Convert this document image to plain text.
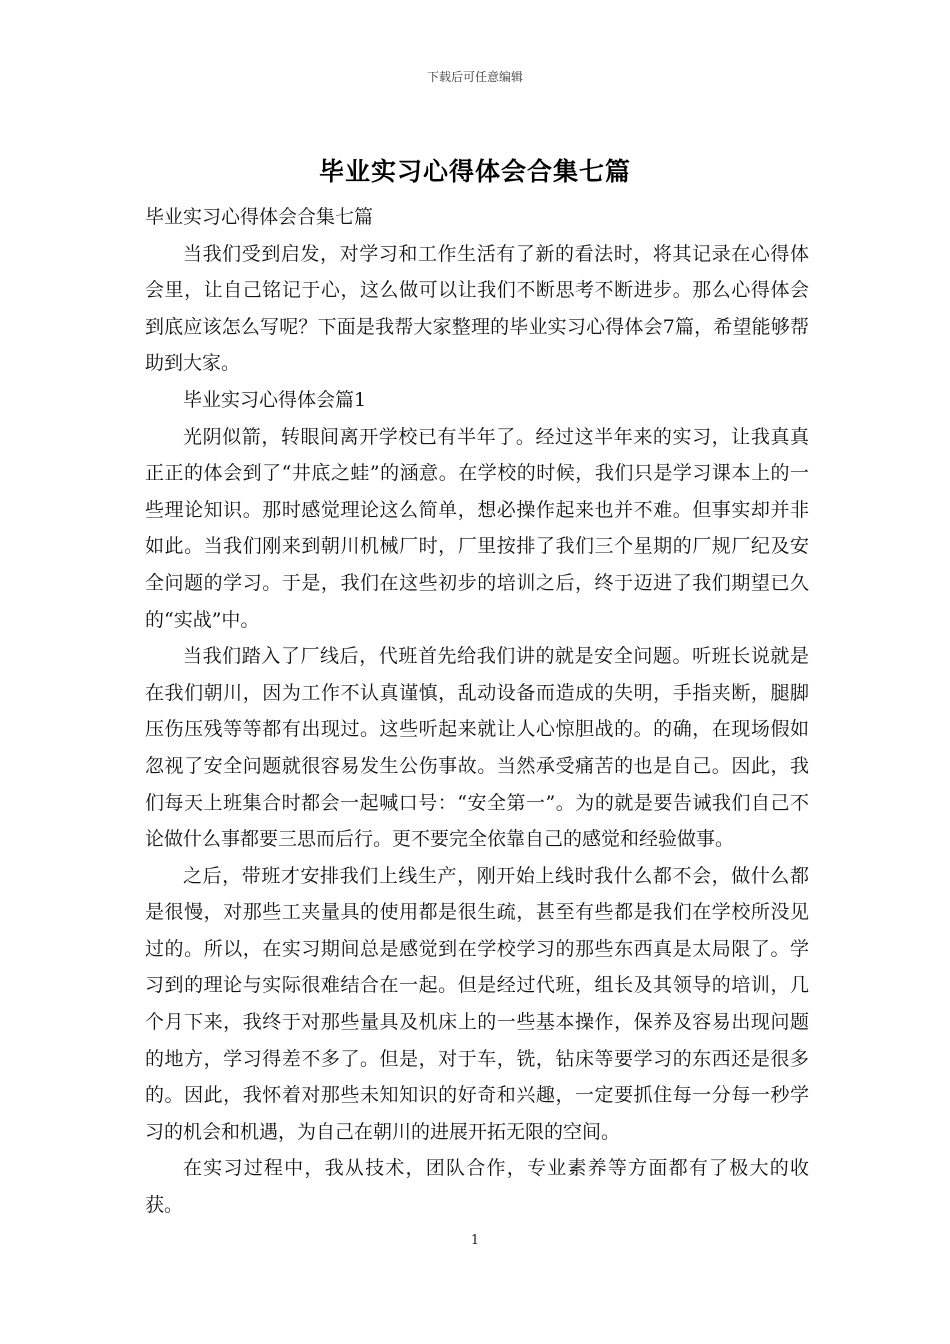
下载后可任意编辑
毕业实习心得体会合集七篇

毕业实习心得体会合集七篇

当我们受到启发，对学习和工作生活有了新的看法时，将其记录在心得体会里，让自己铭记于心，这么做可以让我们不断思考不断进步。那么心得体会到底应该怎么写呢？下面是我帮大家整理的毕业实习心得体会7篇，希望能够帮助到大家。

毕业实习心得体会篇1

光阴似箭，转眼间离开学校已有半年了。经过这半年来的实习，让我真真正正的体会到了“井底之蛙”的涵意。在学校的时候，我们只是学习课本上的一些理论知识。那时感觉理论这么简单，想必操作起来也并不难。但事实却并非如此。当我们刚来到朝川机械厂时，厂里按排了我们三个星期的厂规厂纪及安全问题的学习。于是，我们在这些初步的培训之后，终于迈进了我们期望已久的“实战”中。

当我们踏入了厂线后，代班首先给我们讲的就是安全问题。听班长说就是在我们朝川，因为工作不认真谨慎，乱动设备而造成的失明，手指夹断，腿脚压伤压残等等都有出现过。这些听起来就让人心惊胆战的。的确，在现场假如忽视了安全问题就很容易发生公伤事故。当然承受痛苦的也是自己。因此，我们每天上班集合时都会一起喊口号：“安全第一”。为的就是要告诫我们自己不论做什么事都要三思而后行。更不要完全依靠自己的感觉和经验做事。

之后，带班才安排我们上线生产，刚开始上线时我什么都不会，做什么都是很慢，对那些工夹量具的使用都是很生疏，甚至有些都是我们在学校所没见过的。所以，在实习期间总是感觉到在学校学习的那些东西真是太局限了。学习到的理论与实际很难结合在一起。但是经过代班，组长及其领导的培训，几个月下来，我终于对那些量具及机床上的一些基本操作，保养及容易出现问题的地方，学习得差不多了。但是，对于车，铣，钻床等要学习的东西还是很多的。因此，我怀着对那些未知知识的好奇和兴趣，一定要抓住每一分每一秒学习的机会和机遇，为自己在朝川的进展开拓无限的空间。

在实习过程中，我从技术，团队合作，专业素养等方面都有了极大的收获。

1
